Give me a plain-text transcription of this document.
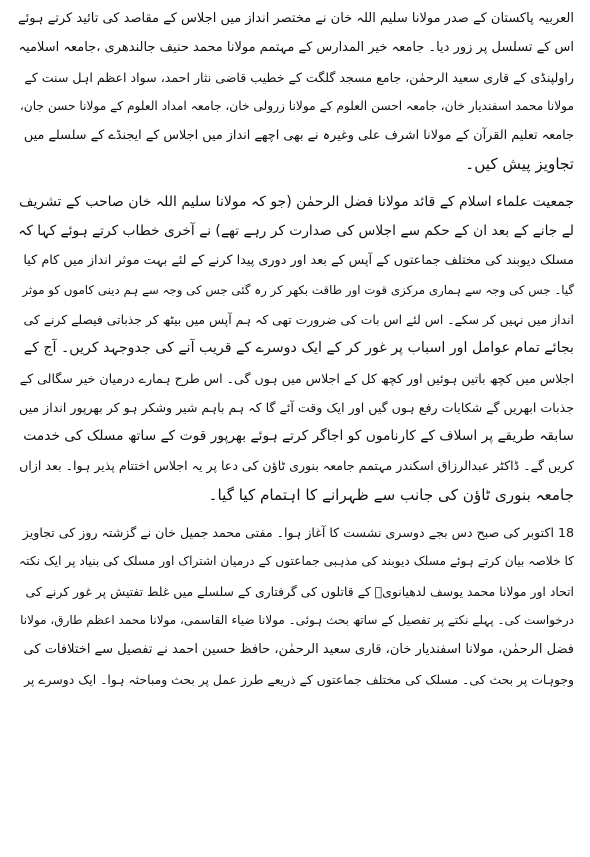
العربیہ پاکستان کے صدر مولانا سلیم اللہ خان نے مختصر انداز میں اجلاس کے مقاصد کی تائید کرتے ہوئے
اس کے تسلسل پر زور دیا۔ جامعہ خیر المدارس کے مہتمم مولانا محمد حنیف جالندھری ،جامعہ اسلامیہ
راولپنڈی کے قاری سعید الرحمٰن، جامع مسجد گلگت کے خطیب قاضی نثار احمد، سواد اعظم اہل سنت کے
مولانا محمد اسفندیار خان، جامعہ احسن العلوم کے مولانا زرولی خان، جامعہ امداد العلوم کے مولانا حسن جان،
جامعہ تعلیم القرآن کے مولانا اشرف علی وغیرہ نے بھی اچھے انداز میں اجلاس کے ایجنڈے کے سلسلے میں
تجاویز پیش کیں۔
جمعیت علماء اسلام کے قائد مولانا فضل الرحمٰن (جو کہ مولانا سلیم اللہ خان صاحب کے تشریف
لے جانے کے بعد ان کے حکم سے اجلاس کی صدارت کر رہے تھے) نے آخری خطاب کرتے ہوئے کہا کہ
مسلک دیوبند کی مختلف جماعتوں کے آپس کے بعد اور دوری پیدا کرنے کے لئے بہت موثر انداز میں کام کیا
گیا۔ جس کی وجہ سے ہماری مرکزی قوت اور طاقت بکھر کر رہ گئی جس کی وجہ سے ہم دینی کاموں کو موثر
انداز میں نہیں کر سکے۔ اس لئے اس بات کی ضرورت تھی کہ ہم آپس میں بیٹھ کر جذباتی فیصلے کرنے کی
بجائے تمام عوامل اور اسباب پر غور کر کے ایک دوسرے کے قریب آنے کی جدوجہد کریں۔ آج کے
اجلاس میں کچھ باتیں ہوئیں اور کچھ کل کے اجلاس میں ہوں گی۔ اس طرح ہمارے درمیان خیر سگالی کے
جذبات ابھریں گے شکایات رفع ہوں گیں اور ایک وقت آئے گا کہ ہم باہم شیر وشکر ہو کر بھرپور انداز میں
سابقہ طریقے پر اسلاف کے کارناموں کو اجاگر کرتے ہوئے بھرپور قوت کے ساتھ مسلک کی خدمت
کریں گے۔ ڈاکٹر عبدالرزاق اسکندر مہتمم جامعہ بنوری ٹاؤن کی دعا پر یہ اجلاس اختتام پذیر ہوا۔ بعد ازاں
جامعہ بنوری ٹاؤن کی جانب سے ظہرانے کا اہتمام کیا گیا۔
18 اکتوبر کی صبح دس بجے دوسری نشست کا آغاز ہوا۔ مفتی محمد جمیل خان نے گزشتہ روز کی تجاویز
کا خلاصہ بیان کرتے ہوئے مسلک دیوبند کی مذہبی جماعتوں کے درمیان اشتراک اور مسلک کی بنیاد پر ایک نکتہ
اتحاد اور مولانا محمد یوسف لدھیانویؒ کے قاتلوں کی گرفتاری کے سلسلے میں غلط تفتیش پر غور کرنے کی
درخواست کی۔ پہلے نکتے پر تفصیل کے ساتھ بحث ہوئی۔ مولانا ضیاء القاسمی، مولانا محمد اعظم طارق، مولانا
فضل الرحمٰن، مولانا اسفندیار خان، قاری سعید الرحمٰن، حافظ حسین احمد نے تفصیل سے اختلافات کی
وجوہات پر بحث کی۔ مسلک کی مختلف جماعتوں کے ذریعے طرز عمل پر بحث ومباحثہ ہوا۔ ایک دوسرے پر
